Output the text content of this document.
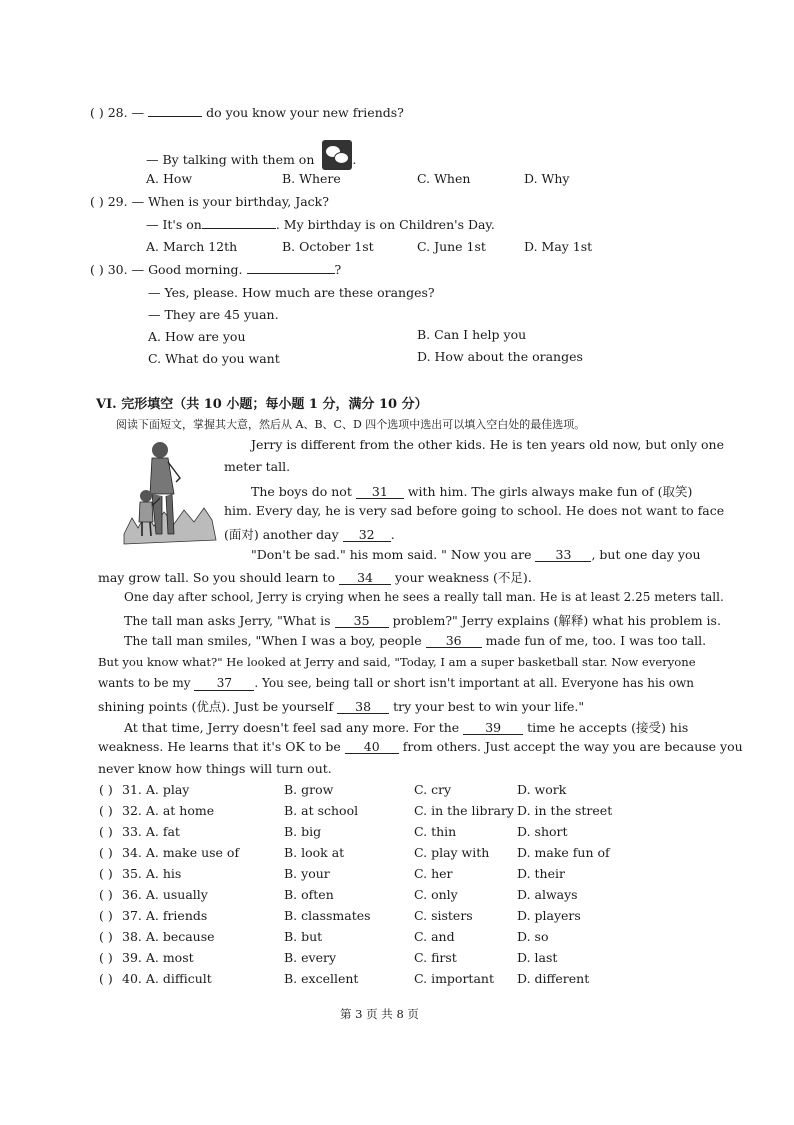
( ) 28. —	do you know your new friends?
— By talking with them on	.
A. How	B. Where	C. When	D. Why
( ) 29. — When is your birthday, Jack?
— It's on	. My birthday is on Children's Day.
A. March 12th	B. October 1st	C. June 1st	D. May 1st
( ) 30. — Good morning.	?
— Yes, please. How much are these oranges?
— They are 45 yuan.
A. How are you	B. Can I help you
C. What do you want	D. How about the oranges
VI. 完形填空（共 10 小题；每小题 1 分，满分 10 分）
阅读下面短文，掌握其大意，然后从 A、B、C、D 四个选项中选出可以填入空白处的最佳选项。
Jerry is different from the other kids. He is ten years old now, but only one
meter tall.
The boys do not 31 with him. The girls always make fun of (取笑)
him. Every day, he is very sad before going to school. He does not want to face
(面对) another day 32 .
"Don't be sad." his mom said. " Now you are 33 , but one day you
may grow tall. So you should learn to 34 your weakness (不足).
One day after school, Jerry is crying when he sees a really tall man. He is at least 2.25 meters tall.
The tall man asks Jerry, "What is 35 problem?" Jerry explains (解释) what his problem is.
The tall man smiles, "When I was a boy, people 36 made fun of me, too. I was too tall.
But you know what?" He looked at Jerry and said, "Today, I am a super basketball star. Now everyone
wants to be my 37 . You see, being tall or short isn't important at all. Everyone has his own
shining points (优点). Just be yourself 38 try your best to win your life."
At that time, Jerry doesn't feel sad any more. For the 39 time he accepts (接受) his
weakness. He learns that it's OK to be 40 from others. Just accept the way you are because you
never know how things will turn out.
( ) 31. A. play	B. grow	C. cry	D. work
( ) 32. A. at home	B. at school	C. in the library D. in the street
( ) 33. A. fat	B. big	C. thin	D. short
( ) 34. A. make use of	B. look at	C. play with D. make fun of
( ) 35. A. his	B. your	C. her	D. their
( ) 36. A. usually	B. often	C. only	D. always
( ) 37. A. friends	B. classmates	C. sisters	D. players
( ) 38. A. because	B. but	C. and	D. so
( ) 39. A. most	B. every	C. first	D. last
( ) 40. A. difficult	B. excellent	C. important D. different
第 3 页 共 8 页
